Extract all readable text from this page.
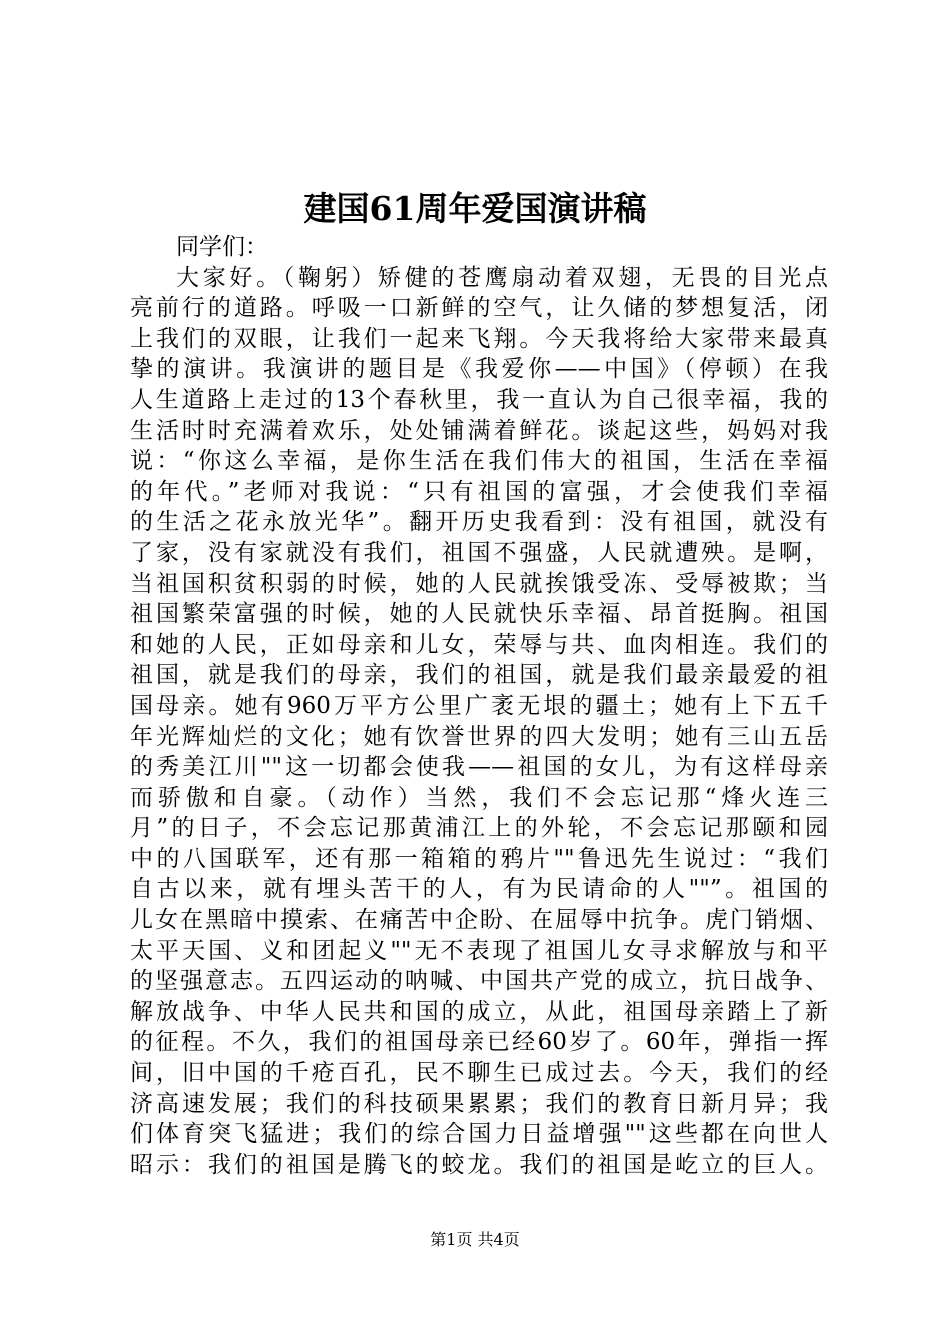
建国61周年爱国演讲稿
同学们：
大家好。（鞠躬）矫健的苍鹰扇动着双翅，无畏的目光点
亮前行的道路。呼吸一口新鲜的空气，让久储的梦想复活，闭
上我们的双眼，让我们一起来飞翔。今天我将给大家带来最真
挚的演讲。我演讲的题目是《我爱你——中国》（停顿）在我
人生道路上走过的13个春秋里，我一直认为自己很幸福，我的
生活时时充满着欢乐，处处铺满着鲜花。谈起这些，妈妈对我
说：“你这么幸福，是你生活在我们伟大的祖国，生活在幸福
的年代。”老师对我说：“只有祖国的富强，才会使我们幸福
的生活之花永放光华”。翻开历史我看到：没有祖国，就没有
了家，没有家就没有我们，祖国不强盛，人民就遭殃。是啊，
当祖国积贫积弱的时候，她的人民就挨饿受冻、受辱被欺；当
祖国繁荣富强的时候，她的人民就快乐幸福、昂首挺胸。祖国
和她的人民，正如母亲和儿女，荣辱与共、血肉相连。我们的
祖国，就是我们的母亲，我们的祖国，就是我们最亲最爱的祖
国母亲。她有960万平方公里广袤无垠的疆土；她有上下五千
年光辉灿烂的文化；她有饮誉世界的四大发明；她有三山五岳
的秀美江川""这一切都会使我——祖国的女儿，为有这样母亲
而骄傲和自豪。（动作）当然，我们不会忘记那“烽火连三
月”的日子，不会忘记那黄浦江上的外轮，不会忘记那颐和园
中的八国联军，还有那一箱箱的鸦片""鲁迅先生说过：“我们
自古以来，就有埋头苦干的人，有为民请命的人""”。祖国的
儿女在黑暗中摸索、在痛苦中企盼、在屈辱中抗争。虎门销烟、
太平天国、义和团起义""无不表现了祖国儿女寻求解放与和平
的坚强意志。五四运动的呐喊、中国共产党的成立，抗日战争、
解放战争、中华人民共和国的成立，从此，祖国母亲踏上了新
的征程。不久，我们的祖国母亲已经60岁了。60年，弹指一挥
间，旧中国的千疮百孔，民不聊生已成过去。今天，我们的经
济高速发展；我们的科技硕果累累；我们的教育日新月异；我
们体育突飞猛进；我们的综合国力日益增强""这些都在向世人
昭示：我们的祖国是腾飞的蛟龙。我们的祖国是屹立的巨人。
第1页 共4页
